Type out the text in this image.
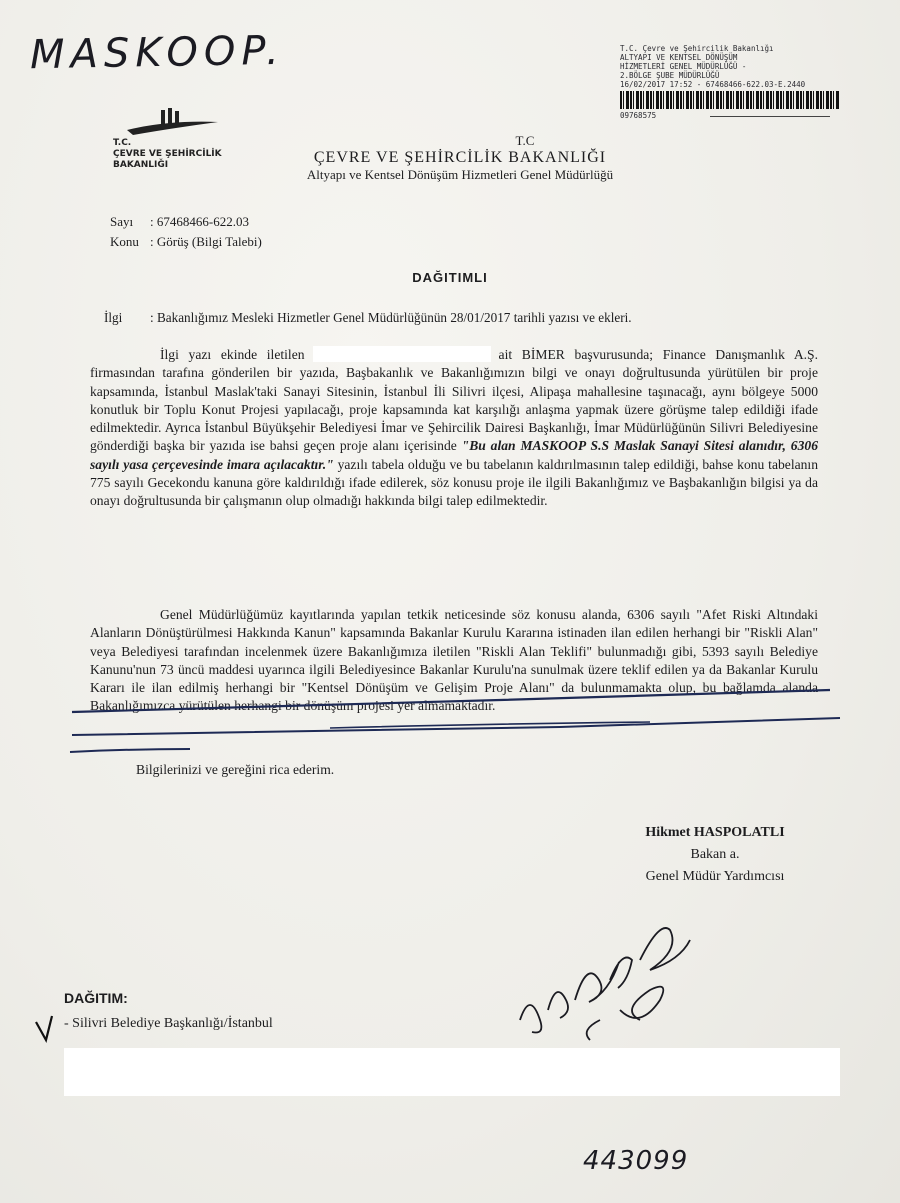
MASKOOP.	T.C. Çevre ve Şehircilik Bakanlığı
ALTYAPI VE KENTSEL DÖNÜŞÜM
HİZMETLERİ GENEL MÜDÜRLÜĞÜ -
2.BÖLGE ŞUBE MÜDÜRLÜĞÜ
16/02/2017 17:52 - 67468466-622.03-E.2440
09768575
T.C.
ÇEVRE VE ŞEHİRCİLİK
BAKANLIĞI
T.C
ÇEVRE VE ŞEHİRCİLİK BAKANLIĞI
Altyapı ve Kentsel Dönüşüm Hizmetleri Genel Müdürlüğü
Sayı : 67468466-622.03
Konu : Görüş (Bilgi Talebi)
DAĞITIMLI
İlgi : Bakanlığımız Mesleki Hizmetler Genel Müdürlüğünün 28/01/2017 tarihli yazısı ve ekleri.
İlgi yazı ekinde iletilen	ait BİMER başvurusunda; Finance Danışmanlık A.Ş. firmasından tarafına gönderilen bir yazıda, Başbakanlık ve Bakanlığımızın bilgi ve onayı doğrultusunda yürütülen bir proje kapsamında, İstanbul Maslak'taki Sanayi Sitesinin, İstanbul İli Silivri ilçesi, Alipaşa mahallesine taşınacağı, aynı bölgeye 5000 konutluk bir Toplu Konut Projesi yapılacağı, proje kapsamında kat karşılığı anlaşma yapmak üzere görüşme talep edildiği ifade edilmektedir. Ayrıca İstanbul Büyükşehir Belediyesi İmar ve Şehircilik Dairesi Başkanlığı, İmar Müdürlüğünün Silivri Belediyesine gönderdiği başka bir yazıda ise bahsi geçen proje alanı içerisinde "Bu alan MASKOOP S.S Maslak Sanayi Sitesi alanıdır, 6306 sayılı yasa çerçevesinde imara açılacaktır." yazılı tabela olduğu ve bu tabelanın kaldırılmasının talep edildiği, bahse konu tabelanın 775 sayılı Gecekondu kanuna göre kaldırıldığı ifade edilerek, söz konusu proje ile ilgili Bakanlığımız ve Başbakanlığın bilgisi ya da onayı doğrultusunda bir çalışmanın olup olmadığı hakkında bilgi talep edilmektedir.
Genel Müdürlüğümüz kayıtlarında yapılan tetkik neticesinde söz konusu alanda, 6306 sayılı "Afet Riski Altındaki Alanların Dönüştürülmesi Hakkında Kanun" kapsamında Bakanlar Kurulu Kararına istinaden ilan edilen herhangi bir "Riskli Alan" veya Belediyesi tarafından incelenmek üzere Bakanlığımıza iletilen "Riskli Alan Teklifi" bulunmadığı gibi, 5393 sayılı Belediye Kanunu'nun 73 üncü maddesi uyarınca ilgili Belediyesince Bakanlar Kurulu'na sunulmak üzere teklif edilen ya da Bakanlar Kurulu Kararı ile ilan edilmiş herhangi bir "Kentsel Dönüşüm ve Gelişim Proje Alanı" da bulunmamakta olup, bu bağlamda alanda Bakanlığımızca yürütülen herhangi bir dönüşüm projesi yer almamaktadır.
Bilgilerinizi ve gereğini rica ederim.
Hikmet HASPOLATLI
Bakan a.
Genel Müdür Yardımcısı
DAĞITIM:
- Silivri Belediye Başkanlığı/İstanbul
443099
